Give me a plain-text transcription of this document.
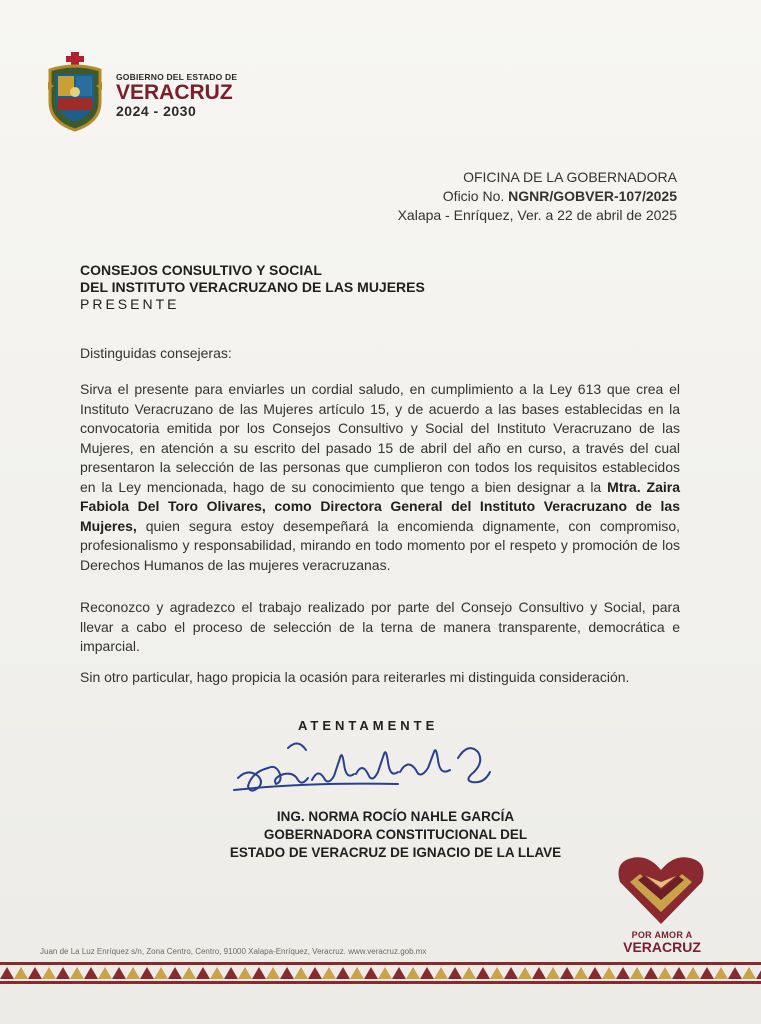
GOBIERNO DEL ESTADO DE
VERACRUZ
2024 - 2030
OFICINA DE LA GOBERNADORA
Oficio No. NGNR/GOBVER-107/2025
Xalapa - Enríquez, Ver. a 22 de abril de 2025
CONSEJOS CONSULTIVO Y SOCIAL
DEL INSTITUTO VERACRUZANO DE LAS MUJERES
PRESENTE
Distinguidas consejeras:
Sirva el presente para enviarles un cordial saludo, en cumplimiento a la Ley 613 que crea el Instituto Veracruzano de las Mujeres artículo 15, y de acuerdo a las bases establecidas en la convocatoria emitida por los Consejos Consultivo y Social del Instituto Veracruzano de las Mujeres, en atención a su escrito del pasado 15 de abril del año en curso, a través del cual presentaron la selección de las personas que cumplieron con todos los requisitos establecidos en la Ley mencionada, hago de su conocimiento que tengo a bien designar a la Mtra. Zaira Fabiola Del Toro Olivares, como Directora General del Instituto Veracruzano de las Mujeres, quien segura estoy desempeñará la encomienda dignamente, con compromiso, profesionalismo y responsabilidad, mirando en todo momento por el respeto y promoción de los Derechos Humanos de las mujeres veracruzanas.
Reconozco y agradezco el trabajo realizado por parte del Consejo Consultivo y Social, para llevar a cabo el proceso de selección de la terna de manera transparente, democrática e imparcial.
Sin otro particular, hago propicia la ocasión para reiterarles mi distinguida consideración.
ATENTAMENTE
ING. NORMA ROCÍO NAHLE GARCÍA
GOBERNADORA CONSTITUCIONAL DEL
ESTADO DE VERACRUZ DE IGNACIO DE LA LLAVE
POR AMOR A
VERACRUZ
Juan de La Luz Enríquez s/n, Zona Centro, Centro, 91000 Xalapa-Enríquez, Veracruz. www.veracruz.gob.mx
